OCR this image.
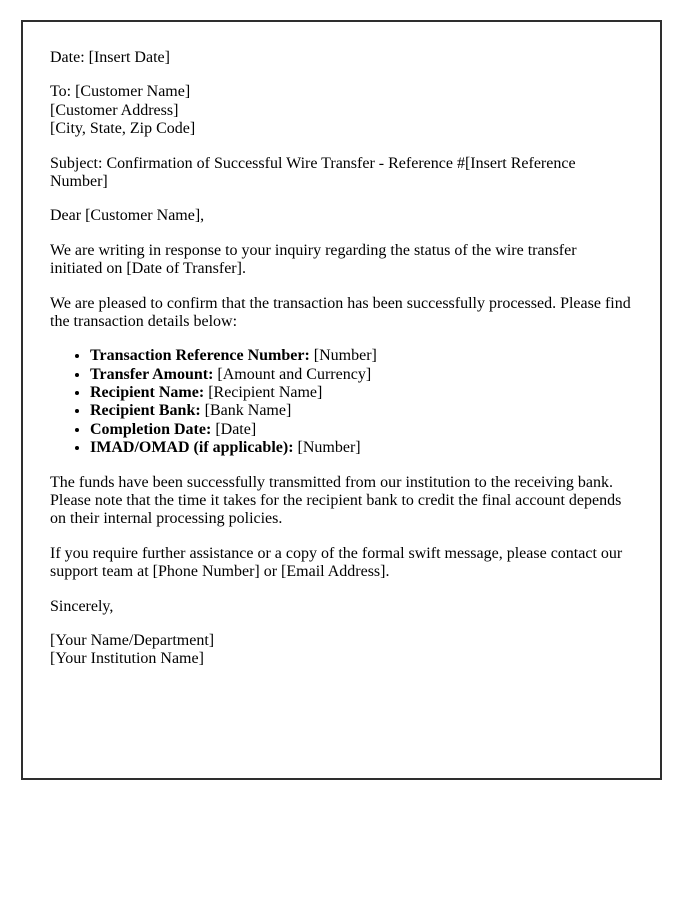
Date: [Insert Date]

To: [Customer Name]
[Customer Address]
[City, State, Zip Code]

Subject: Confirmation of Successful Wire Transfer - Reference #[Insert Reference Number]

Dear [Customer Name],

We are writing in response to your inquiry regarding the status of the wire transfer initiated on [Date of Transfer].

We are pleased to confirm that the transaction has been successfully processed. Please find the transaction details below:

• Transaction Reference Number: [Number]
• Transfer Amount: [Amount and Currency]
• Recipient Name: [Recipient Name]
• Recipient Bank: [Bank Name]
• Completion Date: [Date]
• IMAD/OMAD (if applicable): [Number]

The funds have been successfully transmitted from our institution to the receiving bank. Please note that the time it takes for the recipient bank to credit the final account depends on their internal processing policies.

If you require further assistance or a copy of the formal swift message, please contact our support team at [Phone Number] or [Email Address].

Sincerely,

[Your Name/Department]
[Your Institution Name]
